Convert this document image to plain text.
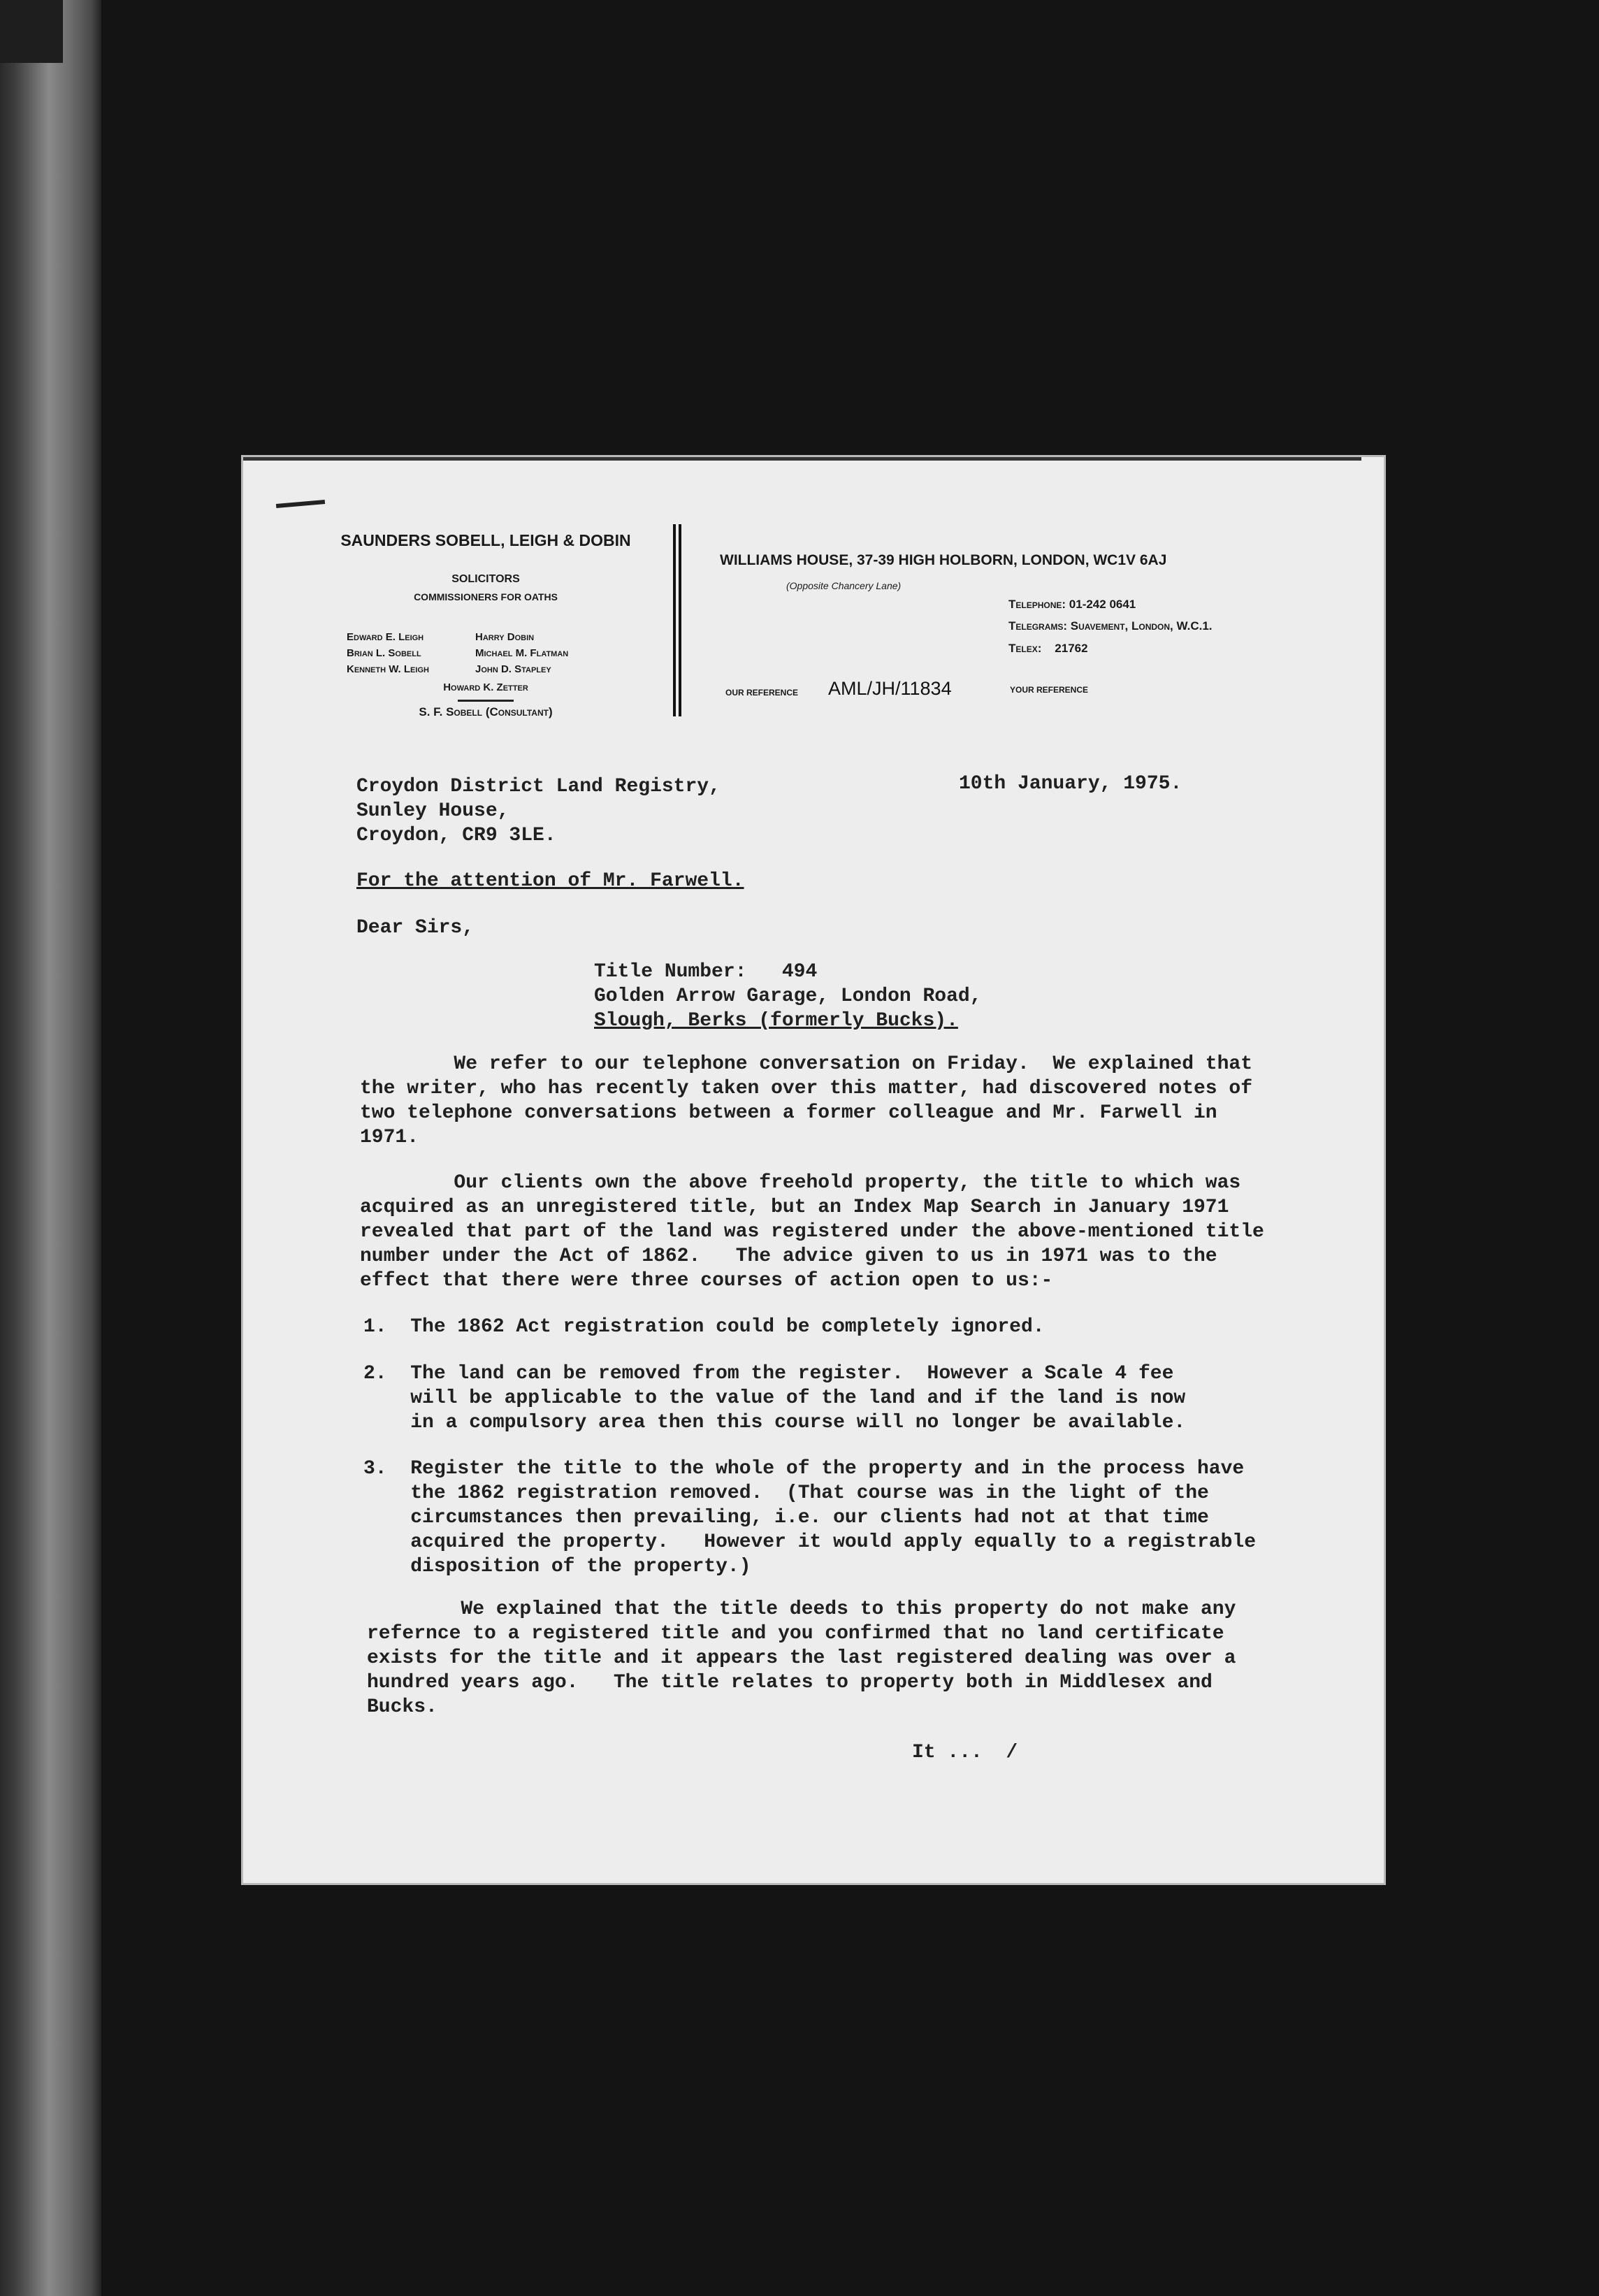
SAUNDERS SOBELL, LEIGH & DOBIN
SOLICITORS
COMMISSIONERS FOR OATHS
Edward E. Leigh
Brian L. Sobell
Kenneth W. Leigh
Harry Dobin
Michael M. Flatman
John D. Stapley
Howard K. Zetter
S. F. Sobell (Consultant)
WILLIAMS HOUSE, 37-39 HIGH HOLBORN, LONDON, WC1V 6AJ
(Opposite Chancery Lane)
Telephone: 01-242 0641
Telegrams: Suavement, London, W.C.1.
Telex:    21762
OUR REFERENCE AML/JH/11834	YOUR REFERENCE
Croydon District Land Registry,
Sunley House,
Croydon, CR9 3LE.
10th January, 1975.
For the attention of Mr. Farwell.
Dear Sirs,
Title Number:   494
Golden Arrow Garage, London Road,
Slough, Berks (formerly Bucks).
We refer to our telephone conversation on Friday.  We explained that
the writer, who has recently taken over this matter, had discovered notes of
two telephone conversations between a former colleague and Mr. Farwell in
1971.
Our clients own the above freehold property, the title to which was
acquired as an unregistered title, but an Index Map Search in January 1971
revealed that part of the land was registered under the above-mentioned title
number under the Act of 1862.   The advice given to us in 1971 was to the
effect that there were three courses of action open to us:-
1.  The 1862 Act registration could be completely ignored.
2.  The land can be removed from the register.  However a Scale 4 fee
will be applicable to the value of the land and if the land is now
in a compulsory area then this course will no longer be available.
3.  Register the title to the whole of the property and in the process have
the 1862 registration removed.  (That course was in the light of the
circumstances then prevailing, i.e. our clients had not at that time
acquired the property.   However it would apply equally to a registrable
disposition of the property.)
We explained that the title deeds to this property do not make any
refernce to a registered title and you confirmed that no land certificate
exists for the title and it appears the last registered dealing was over a
hundred years ago.   The title relates to property both in Middlesex and
Bucks.
It ...  /
